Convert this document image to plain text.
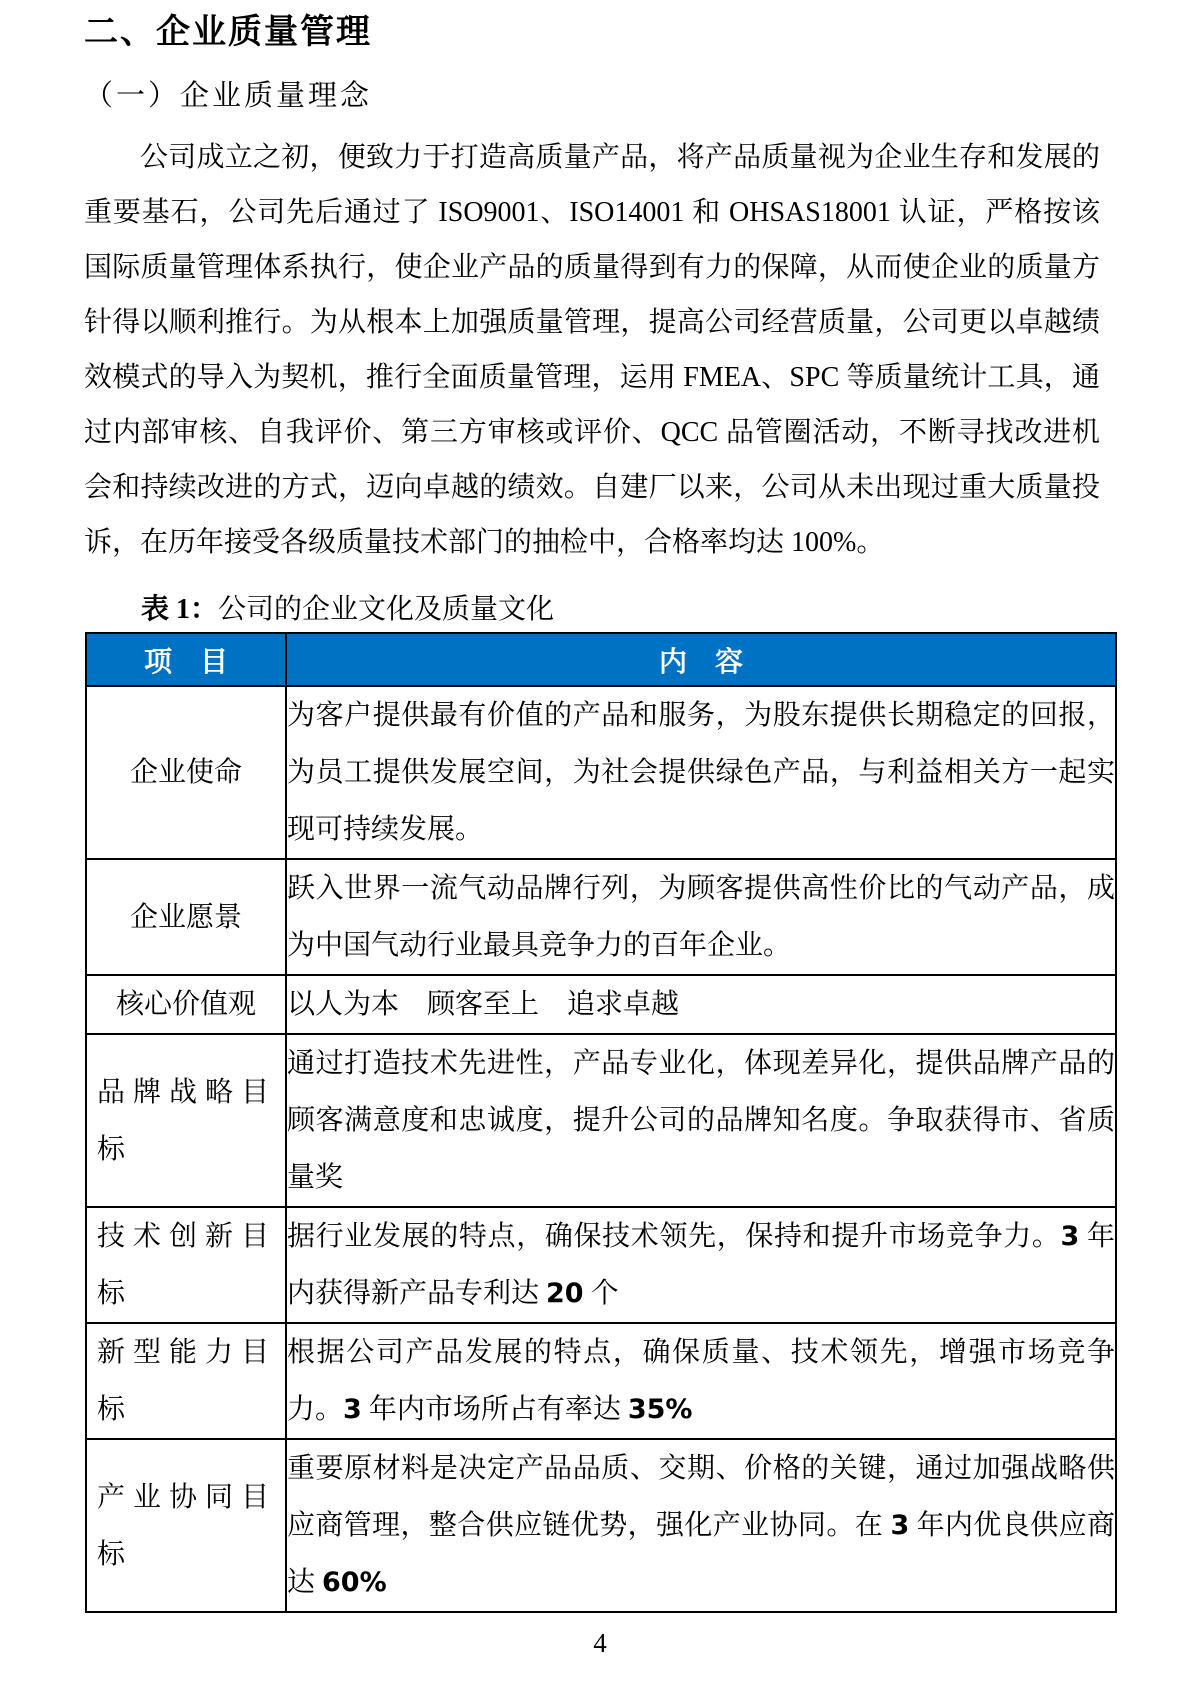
二、企业质量管理
（一）企业质量理念

公司成立之初，便致力于打造高质量产品，将产品质量视为企业生存和发展的重要基石，公司先后通过了 ISO9001、ISO14001 和 OHSAS18001 认证，严格按该国际质量管理体系执行，使企业产品的质量得到有力的保障，从而使企业的质量方针得以顺利推行。为从根本上加强质量管理，提高公司经营质量，公司更以卓越绩效模式的导入为契机，推行全面质量管理，运用 FMEA、SPC 等质量统计工具，通过内部审核、自我评价、第三方审核或评价、QCC 品管圈活动，不断寻找改进机会和持续改进的方式，迈向卓越的绩效。自建厂以来，公司从未出现过重大质量投诉，在历年接受各级质量技术部门的抽检中，合格率均达 100%。

表 1：公司的企业文化及质量文化

项　目	内　容
企业使命	为客户提供最有价值的产品和服务，为股东提供长期稳定的回报，为员工提供发展空间，为社会提供绿色产品，与利益相关方一起实现可持续发展。
企业愿景	跃入世界一流气动品牌行列，为顾客提供高性价比的气动产品，成为中国气动行业最具竞争力的百年企业。
核心价值观	以人为本　顾客至上　追求卓越
品牌战略目标	通过打造技术先进性，产品专业化，体现差异化，提供品牌产品的顾客满意度和忠诚度，提升公司的品牌知名度。争取获得市、省质量奖
技术创新目标	据行业发展的特点，确保技术领先，保持和提升市场竞争力。3 年内获得新产品专利达 20 个
新型能力目标	根据公司产品发展的特点，确保质量、技术领先，增强市场竞争力。3 年内市场所占有率达 35%
产业协同目标	重要原材料是决定产品品质、交期、价格的关键，通过加强战略供应商管理，整合供应链优势，强化产业协同。在 3 年内优良供应商达 60%
4
